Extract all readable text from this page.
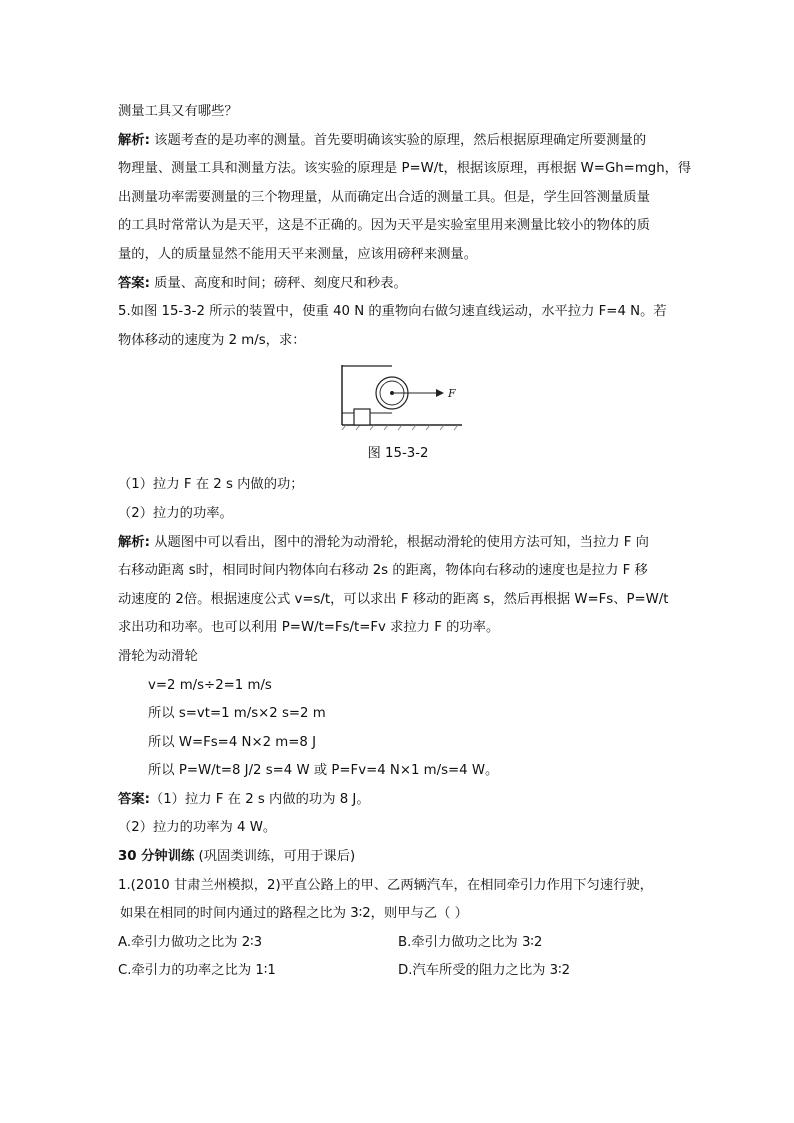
测量工具又有哪些？
解析: 该题考查的是功率的测量。首先要明确该实验的原理，然后根据原理确定所要测量的
物理量、测量工具和测量方法。该实验的原理是 P=W/t，根据该原理，再根据 W=Gh=mgh，得
出测量功率需要测量的三个物理量，从而确定出合适的测量工具。但是，学生回答测量质量
的工具时常常认为是天平，这是不正确的。因为天平是实验室里用来测量比较小的物体的质
量的，人的质量显然不能用天平来测量，应该用磅秤来测量。
答案: 质量、高度和时间；磅秤、刻度尺和秒表。
5.如图 15-3-2 所示的装置中，使重 40 N 的重物向右做匀速直线运动，水平拉力 F=4 N。若
物体移动的速度为 2 m/s，求：
F
图 15-3-2
（1）拉力 F 在 2 s 内做的功；
（2）拉力的功率。
解析: 从题图中可以看出，图中的滑轮为动滑轮，根据动滑轮的使用方法可知，当拉力 F 向
右移动距离 s时，相同时间内物体向右移动 2s 的距离，物体向右移动的速度也是拉力 F 移
动速度的 2倍。根据速度公式 v=s/t，可以求出 F 移动的距离 s，然后再根据 W=Fs、P=W/t
求出功和功率。也可以利用 P=W/t=Fs/t=Fv 求拉力 F 的功率。
滑轮为动滑轮
v=2 m/s÷2=1 m/s
所以 s=vt=1 m/s×2 s=2 m
所以 W=Fs=4 N×2 m=8 J
所以 P=W/t=8 J/2 s=4 W 或 P=Fv=4 N×1 m/s=4 W。
答案:（1）拉力 F 在 2 s 内做的功为 8 J。
（2）拉力的功率为 4 W。
30 分钟训练 (巩固类训练，可用于课后)
1.(2010 甘肃兰州模拟，2)平直公路上的甲、乙两辆汽车，在相同牵引力作用下匀速行驶，
如果在相同的时间内通过的路程之比为 3∶2，则甲与乙（ ）
A.牵引力做功之比为 2∶3	B.牵引力做功之比为 3∶2
C.牵引力的功率之比为 1∶1	D.汽车所受的阻力之比为 3∶2
